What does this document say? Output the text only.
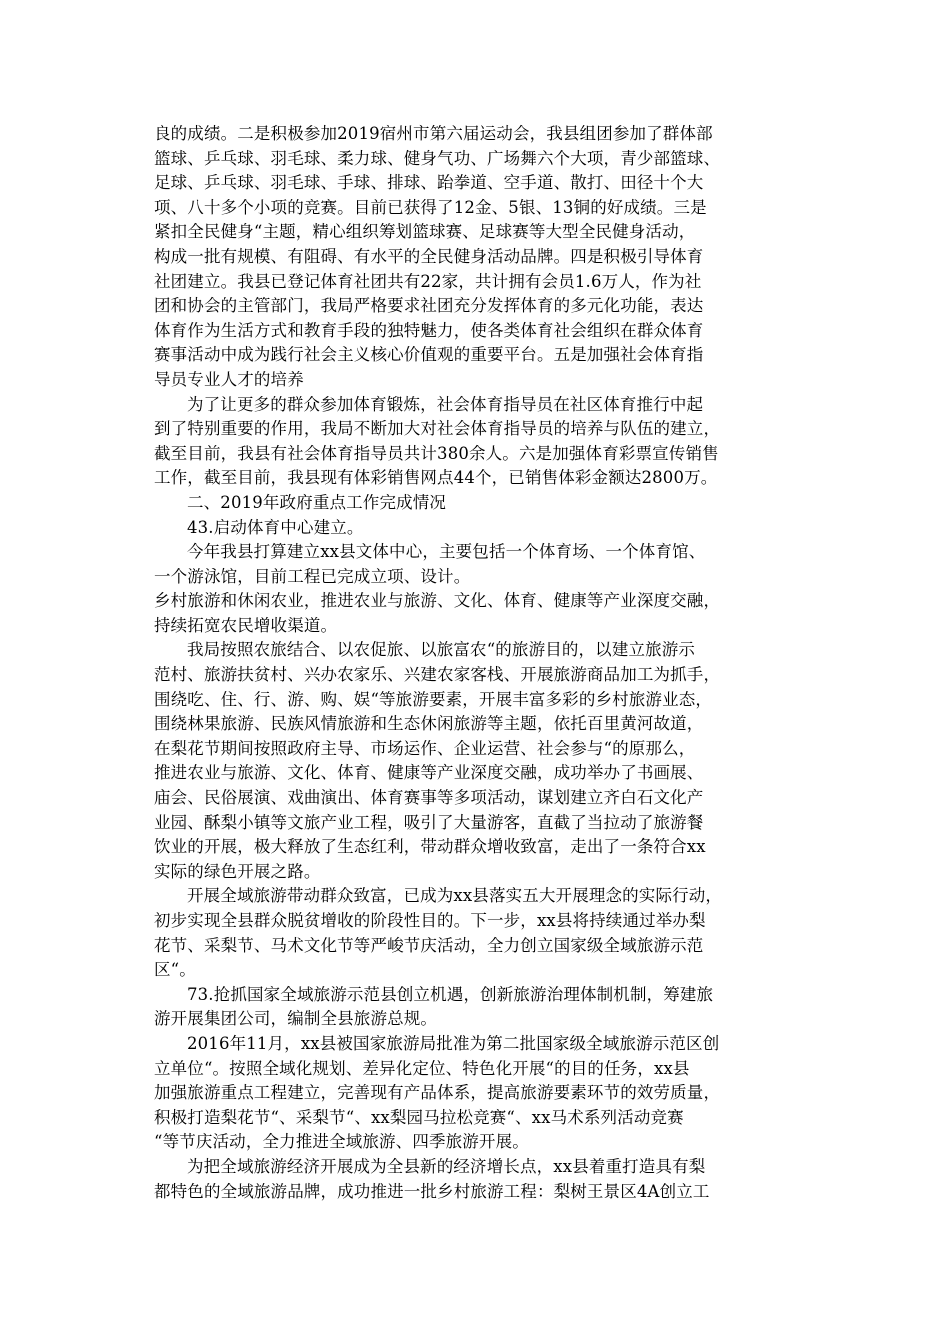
良的成绩。二是积极参加2019宿州市第六届运动会，我县组团参加了群体部
篮球、乒乓球、羽毛球、柔力球、健身气功、广场舞六个大项，青少部篮球、
足球、乒乓球、羽毛球、手球、排球、跆拳道、空手道、散打、田径十个大
项、八十多个小项的竞赛。目前已获得了12金、5银、13铜的好成绩。三是
紧扣全民健身“主题，精心组织筹划篮球赛、足球赛等大型全民健身活动，
构成一批有规模、有阻碍、有水平的全民健身活动品牌。四是积极引导体育
社团建立。我县已登记体育社团共有22家，共计拥有会员1.6万人，作为社
团和协会的主管部门，我局严格要求社团充分发挥体育的多元化功能，表达
体育作为生活方式和教育手段的独特魅力，使各类体育社会组织在群众体育
赛事活动中成为践行社会主义核心价值观的重要平台。五是加强社会体育指
导员专业人才的培养
为了让更多的群众参加体育锻炼，社会体育指导员在社区体育推行中起
到了特别重要的作用，我局不断加大对社会体育指导员的培养与队伍的建立，
截至目前，我县有社会体育指导员共计380余人。六是加强体育彩票宣传销售
工作，截至目前，我县现有体彩销售网点44个，已销售体彩金额达2800万。
二、2019年政府重点工作完成情况
43.启动体育中心建立。
今年我县打算建立xx县文体中心，主要包括一个体育场、一个体育馆、
一个游泳馆，目前工程已完成立项、设计。
乡村旅游和休闲农业，推进农业与旅游、文化、体育、健康等产业深度交融，
持续拓宽农民增收渠道。
我局按照农旅结合、以农促旅、以旅富农“的旅游目的，以建立旅游示
范村、旅游扶贫村、兴办农家乐、兴建农家客栈、开展旅游商品加工为抓手，
围绕吃、住、行、游、购、娱“等旅游要素，开展丰富多彩的乡村旅游业态，
围绕林果旅游、民族风情旅游和生态休闲旅游等主题，依托百里黄河故道，
在梨花节期间按照政府主导、市场运作、企业运营、社会参与“的原那么，
推进农业与旅游、文化、体育、健康等产业深度交融，成功举办了书画展、
庙会、民俗展演、戏曲演出、体育赛事等多项活动，谋划建立齐白石文化产
业园、酥梨小镇等文旅产业工程，吸引了大量游客，直截了当拉动了旅游餐
饮业的开展，极大释放了生态红利，带动群众增收致富，走出了一条符合xx
实际的绿色开展之路。
开展全域旅游带动群众致富，已成为xx县落实五大开展理念的实际行动，
初步实现全县群众脱贫增收的阶段性目的。下一步，xx县将持续通过举办梨
花节、采梨节、马术文化节等严峻节庆活动，全力创立国家级全域旅游示范
区“。
73.抢抓国家全域旅游示范县创立机遇，创新旅游治理体制机制，筹建旅
游开展集团公司，编制全县旅游总规。
2016年11月，xx县被国家旅游局批准为第二批国家级全域旅游示范区创
立单位“。按照全域化规划、差异化定位、特色化开展“的目的任务，xx县
加强旅游重点工程建立，完善现有产品体系，提高旅游要素环节的效劳质量，
积极打造梨花节“、采梨节“、xx梨园马拉松竞赛“、xx马术系列活动竞赛
“等节庆活动，全力推进全域旅游、四季旅游开展。
为把全域旅游经济开展成为全县新的经济增长点，xx县着重打造具有梨
都特色的全域旅游品牌，成功推进一批乡村旅游工程：梨树王景区4A创立工
